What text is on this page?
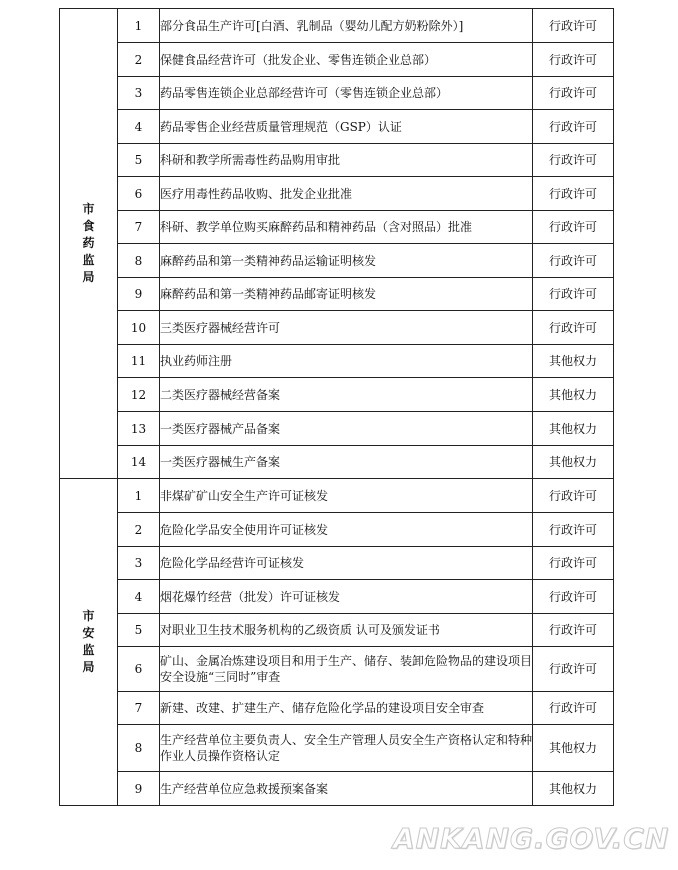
市食药监局	1	部分食品生产许可[白酒、乳制品（婴幼儿配方奶粉除外）]	行政许可
	2	保健食品经营许可（批发企业、零售连锁企业总部）	行政许可
	3	药品零售连锁企业总部经营许可（零售连锁企业总部）	行政许可
	4	药品零售企业经营质量管理规范（GSP）认证	行政许可
	5	科研和教学所需毒性药品购用审批	行政许可
	6	医疗用毒性药品收购、批发企业批准	行政许可
	7	科研、教学单位购买麻醉药品和精神药品（含对照品）批准	行政许可
	8	麻醉药品和第一类精神药品运输证明核发	行政许可
	9	麻醉药品和第一类精神药品邮寄证明核发	行政许可
	10	三类医疗器械经营许可	行政许可
	11	执业药师注册	其他权力
	12	二类医疗器械经营备案	其他权力
	13	一类医疗器械产品备案	其他权力
	14	一类医疗器械生产备案	其他权力
市安监局	1	非煤矿矿山安全生产许可证核发	行政许可
	2	危险化学品安全使用许可证核发	行政许可
	3	危险化学品经营许可证核发	行政许可
	4	烟花爆竹经营（批发）许可证核发	行政许可
	5	对职业卫生技术服务机构的乙级资质 认可及颁发证书	行政许可
	6	矿山、金属冶炼建设项目和用于生产、储存、装卸危险物品的建设项目安全设施“三同时”审查	行政许可
	7	新建、改建、扩建生产、储存危险化学品的建设项目安全审查	行政许可
	8	生产经营单位主要负责人、安全生产管理人员安全生产资格认定和特种作业人员操作资格认定	其他权力
	9	生产经营单位应急救援预案备案	其他权力
ANKANG.GOV.CN
